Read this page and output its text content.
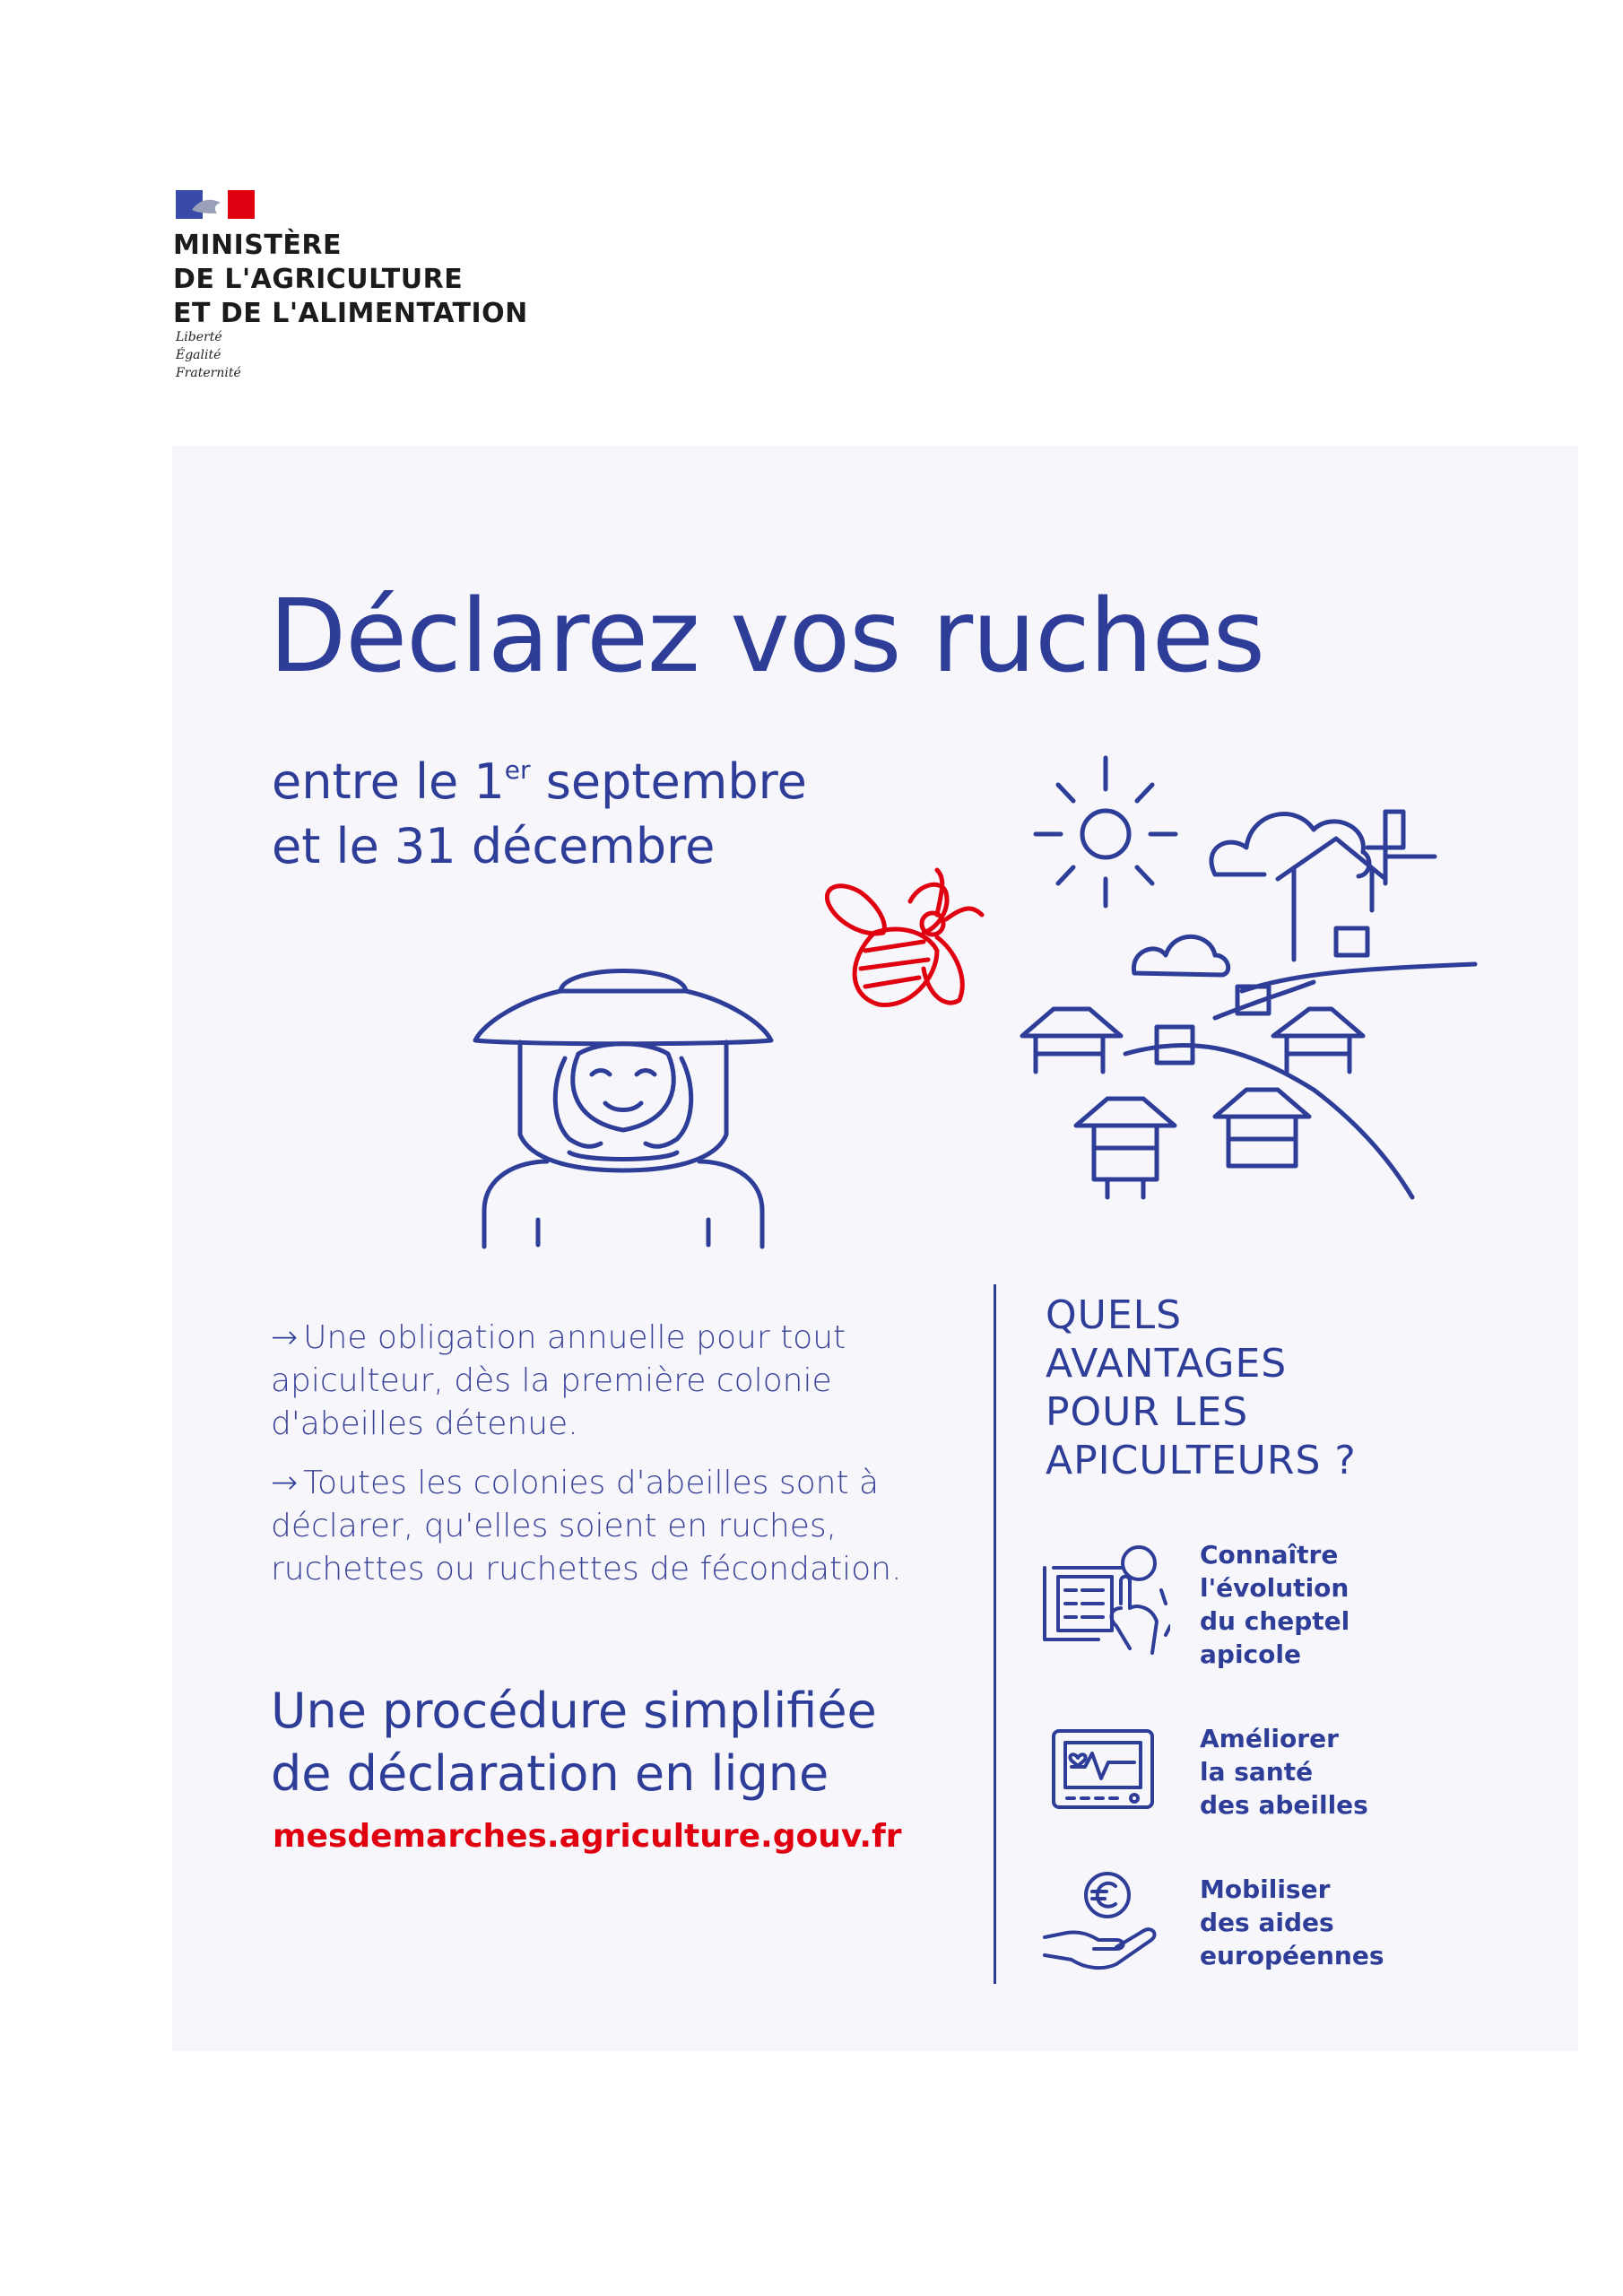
MINISTÈRE
DE L'AGRICULTURE
ET DE L'ALIMENTATION
Liberté
Égalité
Fraternité
Déclarez vos ruches
entre le 1er septembre
et le 31 décembre
→ Une obligation annuelle pour tout apiculteur, dès la première colonie d'abeilles détenue.
→ Toutes les colonies d'abeilles sont à déclarer, qu'elles soient en ruches, ruchettes ou ruchettes de fécondation.
Une procédure simplifiée
de déclaration en ligne
mesdemarches.agriculture.gouv.fr
QUELS
AVANTAGES
POUR LES
APICULTEURS ?
Connaître
l'évolution
du cheptel
apicole
Améliorer
la santé
des abeilles
Mobiliser
des aides
européennes
